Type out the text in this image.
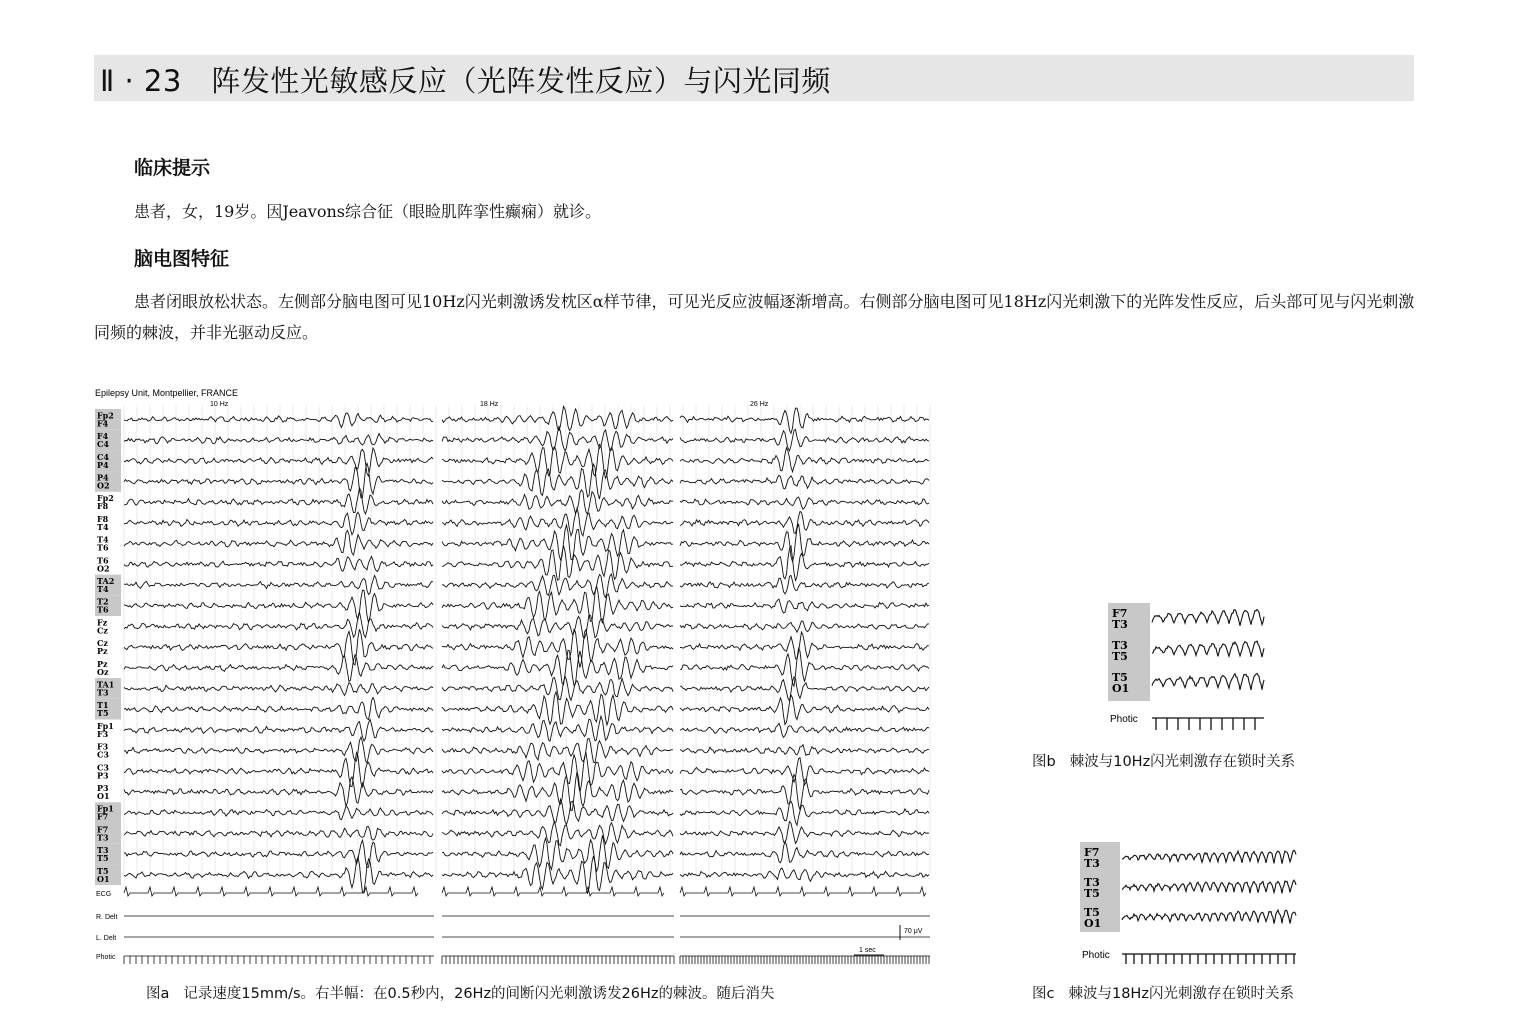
Ⅱ · 23　阵发性光敏感反应（光阵发性反应）与闪光同频
临床提示
患者，女，19岁。因Jeavons综合征（眼睑肌阵挛性癫痫）就诊。
脑电图特征
患者闭眼放松状态。左侧部分脑电图可见10Hz闪光刺激诱发枕区α样节律，可见光反应波幅逐渐增高。右侧部分脑电图可见18Hz闪光刺激下的光阵发性反应，后头部可见与闪光刺激同频的棘波，并非光驱动反应。
Epilepsy Unit, Montpellier, FRANCE
Fp2
F4
F4
C4
C4
P4
P4
O2
Fp2
F8
F8
T4
T4
T6
T6
O2
TA2
T4
T2
T6
Fz
Cz
Cz
Pz
Pz
Oz
TA1
T3
T1
T5
Fp1
F3
F3
C3
C3
P3
P3
O1
Fp1
F7
F7
T3
T3
T5
T5
O1
ECG
R. Delt
L. Delt
Photic
10 Hz	18 Hz	26 Hz
70 μV
1 sec
图a 记录速度15mm/s。右半幅：在0.5秒内，26Hz的间断闪光刺激诱发26Hz的棘波。随后消失
F7
T3
T3
T5
T5
O1
Photic
图b 棘波与10Hz闪光刺激存在锁时关系
F7
T3
T3
T5
T5
O1
Photic
图c 棘波与18Hz闪光刺激存在锁时关系
